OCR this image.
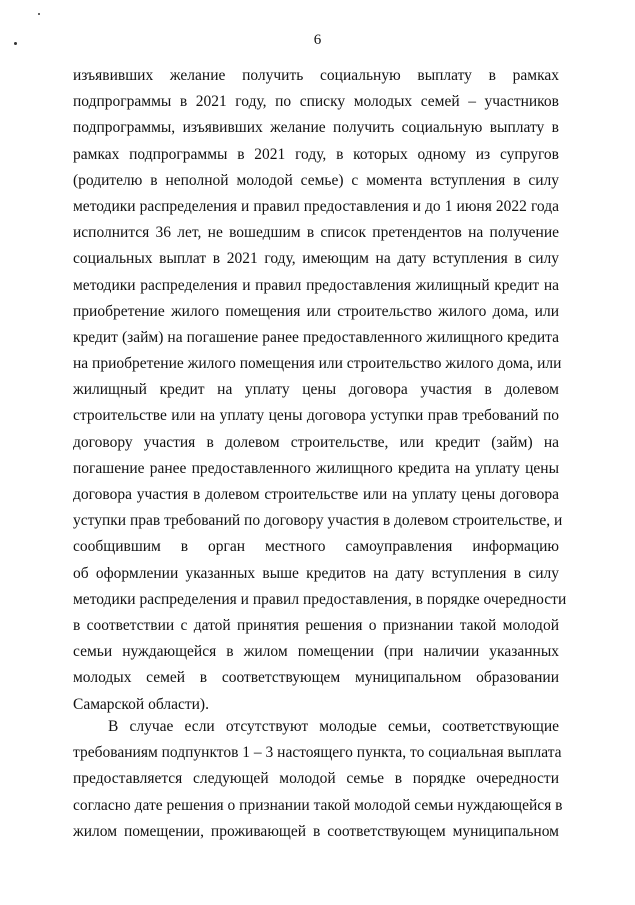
6
изъявивших желание получить социальную выплату в рамках
подпрограммы в 2021 году, по списку молодых семей – участников
подпрограммы, изъявивших желание получить социальную выплату в
рамках подпрограммы в 2021 году, в которых одному из супругов
(родителю в неполной молодой семье) с момента вступления в силу
методики распределения и правил предоставления и до 1 июня 2022 года
исполнится 36 лет, не вошедшим в список претендентов на получение
социальных выплат в 2021 году, имеющим на дату вступления в силу
методики распределения и правил предоставления жилищный кредит на
приобретение жилого помещения или строительство жилого дома, или
кредит (займ) на погашение ранее предоставленного жилищного кредита
на приобретение жилого помещения или строительство жилого дома, или
жилищный кредит на уплату цены договора участия в долевом
строительстве или на уплату цены договора уступки прав требований по
договору участия в долевом строительстве, или кредит (займ) на
погашение ранее предоставленного жилищного кредита на уплату цены
договора участия в долевом строительстве или на уплату цены договора
уступки прав требований по договору участия в долевом строительстве, и
сообщившим в орган местного самоуправления информацию
об оформлении указанных выше кредитов на дату вступления в силу
методики распределения и правил предоставления, в порядке очередности
в соответствии с датой принятия решения о признании такой молодой
семьи нуждающейся в жилом помещении (при наличии указанных
молодых семей в соответствующем муниципальном образовании
Самарской области).
В случае если отсутствуют молодые семьи, соответствующие
требованиям подпунктов 1 – 3 настоящего пункта, то социальная выплата
предоставляется следующей молодой семье в порядке очередности
согласно дате решения о признании такой молодой семьи нуждающейся в
жилом помещении, проживающей в соответствующем муниципальном
